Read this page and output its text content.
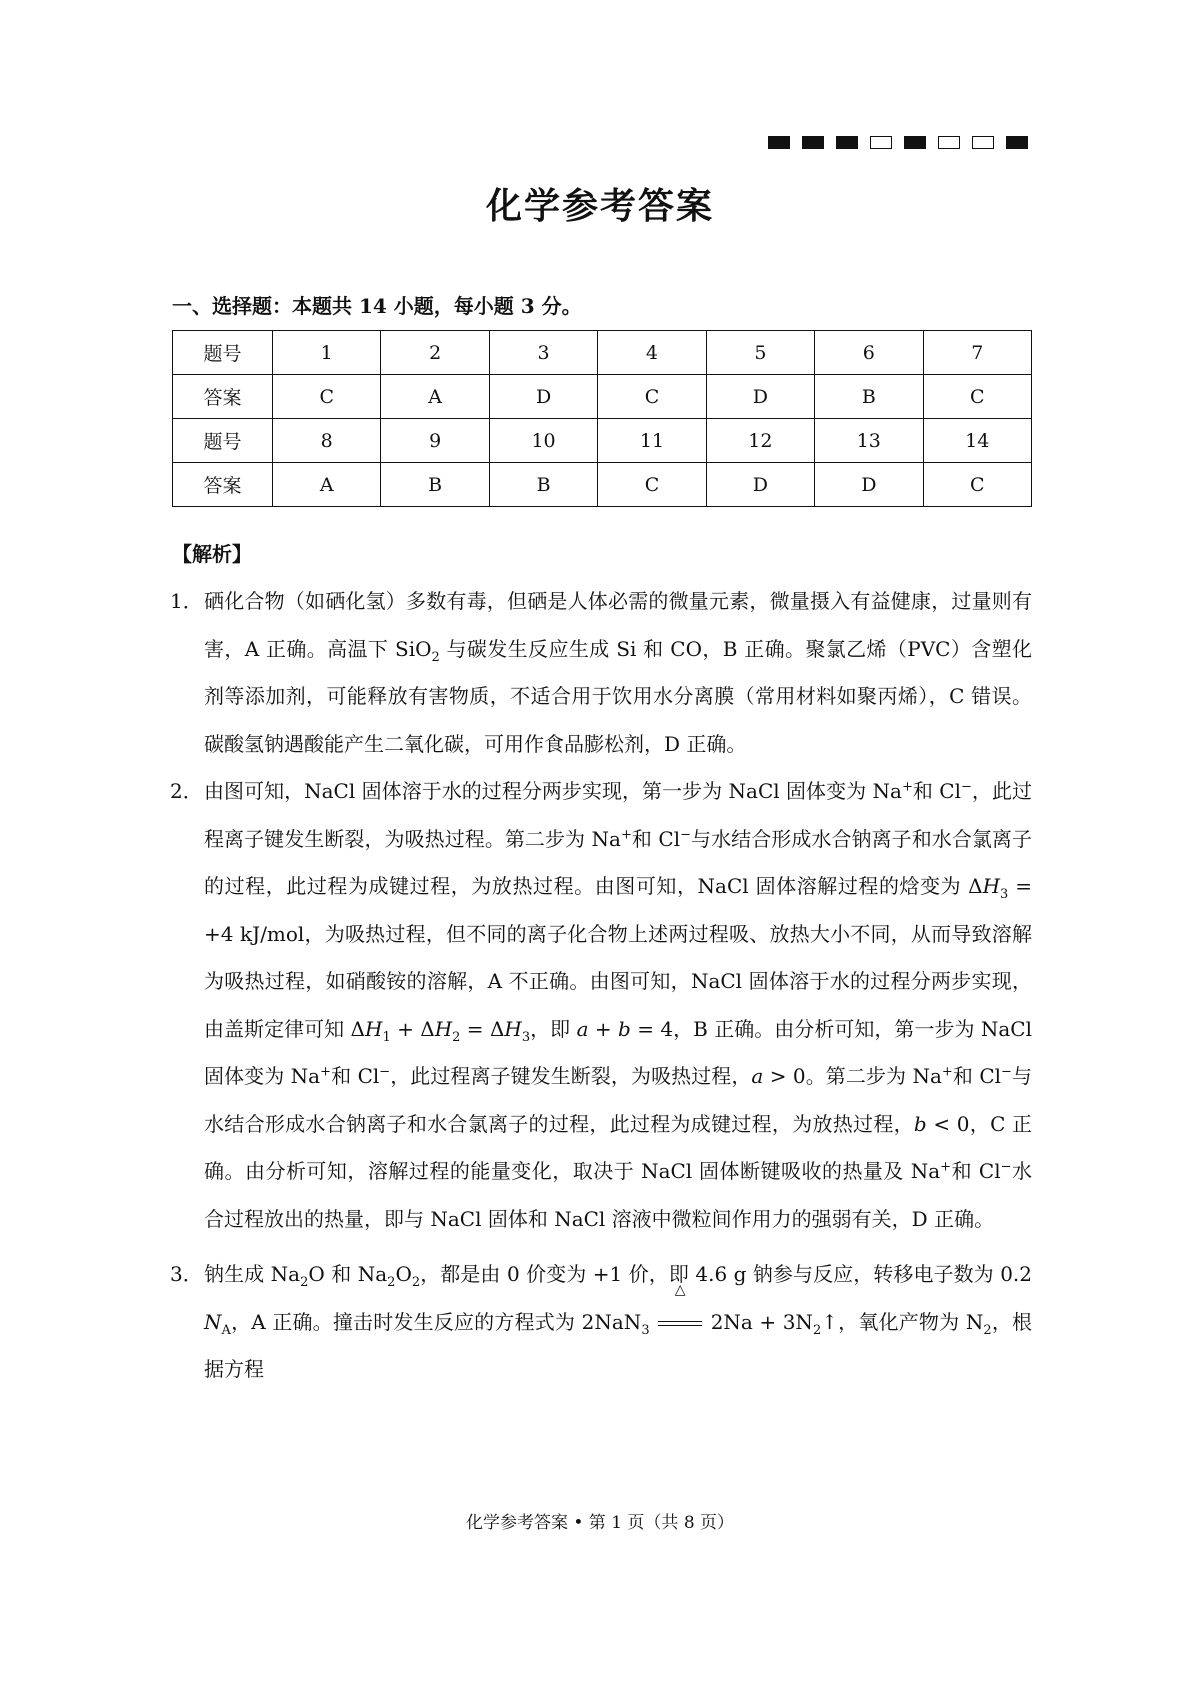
化学参考答案

一、选择题：本题共 14 小题，每小题 3 分。

题号	1	2	3	4	5	6	7
答案	C	A	D	C	D	B	C
题号	8	9	10	11	12	13	14
答案	A	B	B	C	D	D	C
【解析】
1． 硒化合物（如硒化氢）多数有毒，但硒是人体必需的微量元素，微量摄入有益健康，过量则有害，A 正确。高温下 SiO$_2$ 与碳发生反应生成 Si 和 CO，B 正确。聚氯乙烯（PVC）含塑化剂等添加剂，可能释放有害物质，不适合用于饮用水分离膜（常用材料如聚丙烯），C 错误。碳酸氢钠遇酸能产生二氧化碳，可用作食品膨松剂，D 正确。
2． 由图可知，NaCl 固体溶于水的过程分两步实现，第一步为 NaCl 固体变为 Na+和 Cl−，此过程离子键发生断裂，为吸热过程。第二步为 Na+和 Cl−与水结合形成水合钠离子和水合氯离子的过程，此过程为成键过程，为放热过程。由图可知，NaCl 固体溶解过程的焓变为 $\Delta H_3 = +4$ kJ/mol，为吸热过程，但不同的离子化合物上述两过程吸、放热大小不同，从而导致溶解为吸热过程，如硝酸铵的溶解，A 不正确。由图可知，NaCl 固体溶于水的过程分两步实现，由盖斯定律可知 $\Delta H_1 + \Delta H_2 = \Delta H_3$，即 a + b = 4，B 正确。由分析可知，第一步为 NaCl 固体变为 Na+和 Cl−，此过程离子键发生断裂，为吸热过程，a > 0。第二步为 Na+和 Cl−与水结合形成水合钠离子和水合氯离子的过程，此过程为成键过程，为放热过程，b < 0，C 正确。由分析可知，溶解过程的能量变化，取决于 NaCl 固体断键吸收的热量及 Na+和 Cl−水合过程放出的热量，即与 NaCl 固体和 NaCl 溶液中微粒间作用力的强弱有关，D 正确。
3． 钠生成 $Na_2O$ 和 $Na_2O_2$，都是由 0 价变为 +1 价，即 4.6 g 钠参与反应，转移电子数为 0.2 $N_A$，A 正确。撞击时发生反应的方程式为 2NaN$_3$
△
$2Na + 3N_2↑$，氧化产物为 $N_2$，根据方程
化学参考答案 • 第 1 页（共 8 页）
